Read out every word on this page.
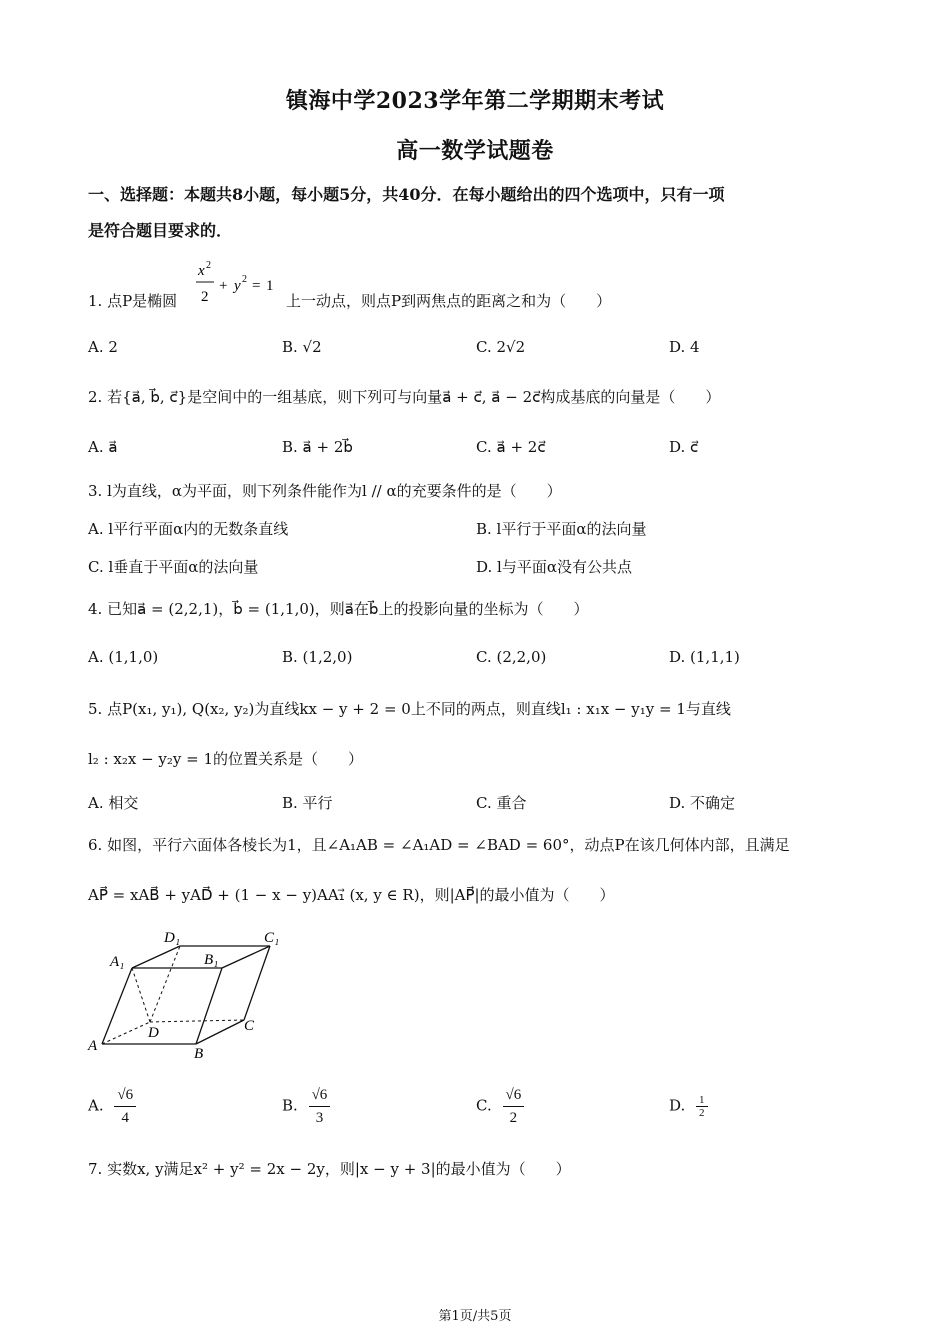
镇海中学2023学年第二学期期末考试
高一数学试题卷
一、选择题：本题共8小题，每小题5分，共40分．在每小题给出的四个选项中，只有一项
是符合题目要求的．
1. 点P是椭圆
x 2
2
+ y 2 = 1
上一动点，则点P到两焦点的距离之和为（　　）
A. 2	B. √2	C. 2√2	D. 4
2. 若{a⃗, b⃗, c⃗}是空间中的一组基底，则下列可与向量a⃗ + c⃗, a⃗ − 2c⃗构成基底的向量是（　　）
A. a⃗	B. a⃗ + 2b⃗	C. a⃗ + 2c⃗	D. c⃗
3. l为直线，α为平面，则下列条件能作为l // α的充要条件的是（　　）
A. l平行平面α内的无数条直线	B. l平行于平面α的法向量
C. l垂直于平面α的法向量	D. l与平面α没有公共点
4. 已知a⃗ = (2,2,1)，b⃗ = (1,1,0)，则a⃗在b⃗上的投影向量的坐标为（　　）
A. (1,1,0)	B. (1,2,0)	C. (2,2,0)	D. (1,1,1)
5. 点P(x₁, y₁), Q(x₂, y₂)为直线kx − y + 2 = 0上不同的两点，则直线l₁ : x₁x − y₁y = 1与直线
l₂ : x₂x − y₂y = 1的位置关系是（　　）
A. 相交	B. 平行	C. 重合	D. 不确定
6. 如图，平行六面体各棱长为1，且∠A₁AB = ∠A₁AD = ∠BAD = 60°，动点P在该几何体内部，且满足
AP⃗ = xAB⃗ + yAD⃗ + (1 − x − y)AA₁⃗ (x, y ∈ R)，则|AP⃗|的最小值为（　　）
D₁	C₁
A₁	B₁
D	C
A	B
A. $\frac{√6}{4}$	B. $\frac{√6}{3}$	C. $\frac{√6}{2}$	D. $\frac{1}{2}$
7. 实数x, y满足x² + y² = 2x − 2y，则|x − y + 3|的最小值为（　　）
第1页/共5页
